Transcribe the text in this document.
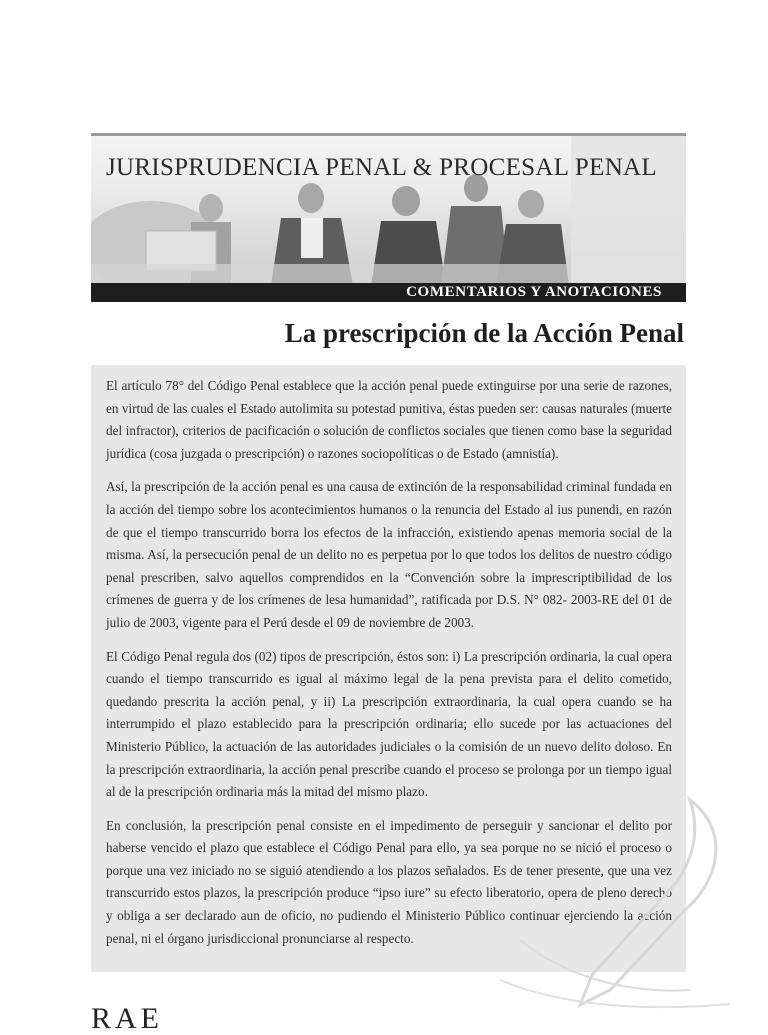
JURISPRUDENCIA PENAL & PROCESAL PENAL
COMENTARIOS Y ANOTACIONES
La prescripción de la Acción Penal

El artículo 78° del Código Penal establece que la acción penal puede extinguirse por una serie de razones, en virtud de las cuales el Estado autolimita su potestad punitiva, éstas pueden ser: causas naturales (muerte del infractor), criterios de pacificación o solución de conflictos sociales que tienen como base la seguridad jurídica (cosa juzgada o prescripción) o razones sociopolíticas o de Estado (amnistía).

Así, la prescripción de la acción penal es una causa de extinción de la responsabilidad criminal fundada en la acción del tiempo sobre los acontecimientos humanos o la renuncia del Estado al ius punendi, en razón de que el tiempo transcurrido borra los efectos de la infracción, existiendo apenas memoria social de la misma. Así, la persecución penal de un delito no es perpetua por lo que todos los delitos de nuestro código penal prescriben, salvo aquellos comprendidos en la “Convención sobre la imprescriptibilidad de los crímenes de guerra y de los crímenes de lesa humanidad”, ratificada por D.S. N° 082- 2003-RE del 01 de julio de 2003, vigente para el Perú desde el 09 de noviembre de 2003.

El Código Penal regula dos (02) tipos de prescripción, éstos son: i) La prescripción ordinaria, la cual opera cuando el tiempo transcurrido es igual al máximo legal de la pena prevista para el delito cometido, quedando prescrita la acción penal, y ii) La prescripción extraordinaria, la cual opera cuando se ha interrumpido el plazo establecido para la prescripción ordinaria; ello sucede por las actuaciones del Ministerio Público, la actuación de las autoridades judiciales o la comisión de un nuevo delito doloso. En la prescripción extraordinaria, la acción penal prescribe cuando el proceso se prolonga por un tiempo igual al de la prescripción ordinaria más la mitad del mismo plazo.

En conclusión, la prescripción penal consiste en el impedimento de perseguir y sancionar el delito por haberse vencido el plazo que establece el Código Penal para ello, ya sea porque no se nició el proceso o porque una vez iniciado no se siguió atendiendo a los plazos señalados. Es de tener presente, que una vez transcurrido estos plazos, la prescripción produce “ipso iure” su efecto liberatorio, opera de pleno derecho y obliga a ser declarado aun de oficio, no pudiendo el Ministerio Público continuar ejerciendo la acción penal, ni el órgano jurisdiccional pronunciarse al respecto.

RAE
